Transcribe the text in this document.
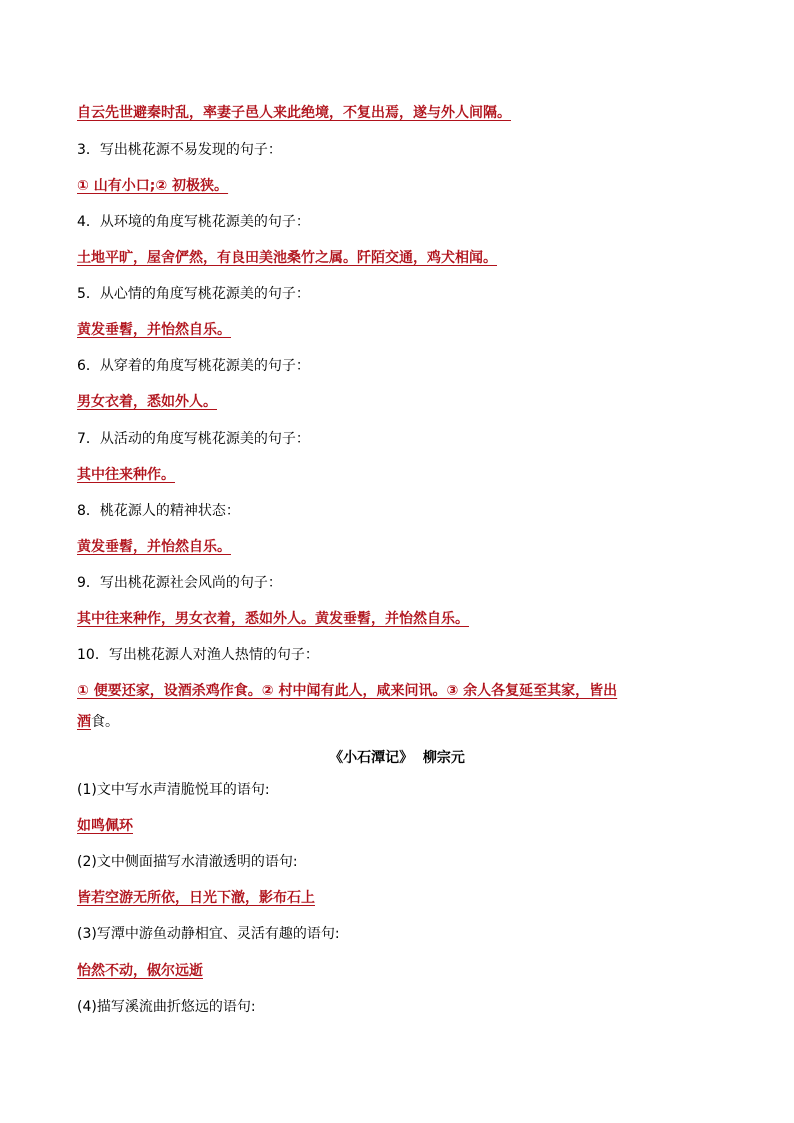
自云先世避秦时乱，率妻子邑人来此绝境，不复出焉，遂与外人间隔。
3．写出桃花源不易发现的句子：
① 山有小口;② 初极狭。
4．从环境的角度写桃花源美的句子：
土地平旷，屋舍俨然，有良田美池桑竹之属。阡陌交通，鸡犬相闻。
5．从心情的角度写桃花源美的句子：
黄发垂髫，并怡然自乐。
6．从穿着的角度写桃花源美的句子：
男女衣着，悉如外人。
7．从活动的角度写桃花源美的句子：
其中往来种作。
8．桃花源人的精神状态：
黄发垂髫，并怡然自乐。
9．写出桃花源社会风尚的句子：
其中往来种作，男女衣着，悉如外人。黄发垂髫，并怡然自乐。
10．写出桃花源人对渔人热情的句子：
① 便要还家，设酒杀鸡作食。② 村中闻有此人，咸来问讯。③ 余人各复延至其家，皆出
酒食。
《小石潭记》  柳宗元
(1)文中写水声清脆悦耳的语句:
如鸣佩环
(2)文中侧面描写水清澈透明的语句:
皆若空游无所依，日光下澈，影布石上
(3)写潭中游鱼动静相宜、灵活有趣的语句:
怡然不动，俶尔远逝
(4)描写溪流曲折悠远的语句:
